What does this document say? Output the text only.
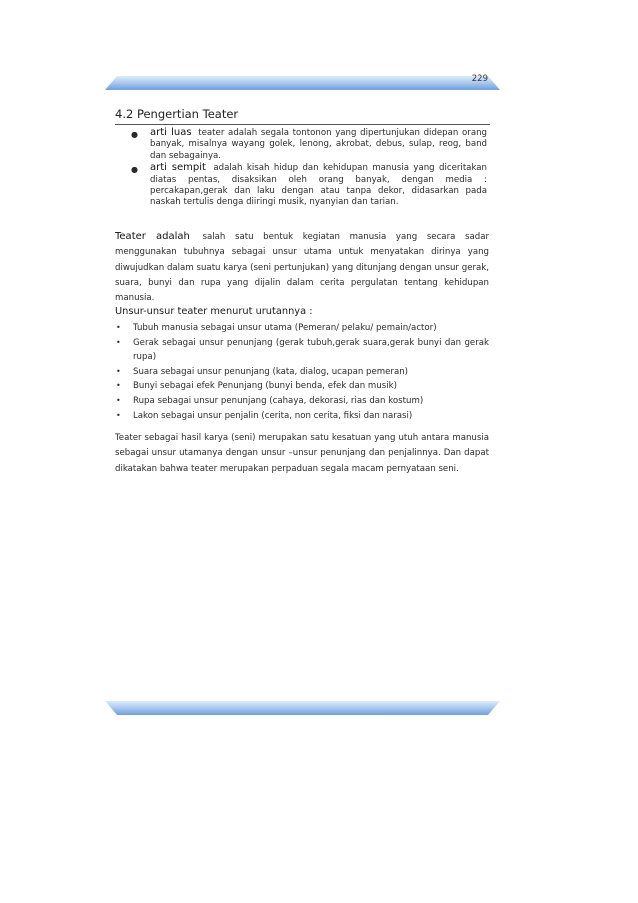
229
4.2 Pengertian Teater
● arti luas teater adalah segala tontonon yang dipertunjukan didepan orang banyak, misalnya wayang golek, lenong, akrobat, debus, sulap, reog, band dan sebagainya.
● arti sempit adalah kisah hidup dan kehidupan manusia yang diceritakan diatas pentas, disaksikan oleh orang banyak, dengan media : percakapan,gerak dan laku dengan atau tanpa dekor, didasarkan pada naskah tertulis denga diiringi musik, nyanyian dan tarian.

Teater adalah salah satu bentuk kegiatan manusia yang secara sadar menggunakan tubuhnya sebagai unsur utama untuk menyatakan dirinya yang diwujudkan dalam suatu karya (seni pertunjukan) yang ditunjang dengan unsur gerak, suara, bunyi dan rupa yang dijalin dalam cerita pergulatan tentang kehidupan manusia.

Unsur-unsur teater menurut urutannya :
• Tubuh manusia sebagai unsur utama (Pemeran/ pelaku/ pemain/actor)
• Gerak sebagai unsur penunjang (gerak tubuh,gerak suara,gerak bunyi dan gerak rupa)
• Suara sebagai unsur penunjang (kata, dialog, ucapan pemeran)
• Bunyi sebagai efek Penunjang (bunyi benda, efek dan musik)
• Rupa sebagai unsur penunjang (cahaya, dekorasi, rias dan kostum)
• Lakon sebagai unsur penjalin (cerita, non cerita, fiksi dan narasi)

Teater sebagai hasil karya (seni) merupakan satu kesatuan yang utuh antara manusia sebagai unsur utamanya dengan unsur –unsur penunjang dan penjalinnya. Dan dapat dikatakan bahwa teater merupakan perpaduan segala macam pernyataan seni.
